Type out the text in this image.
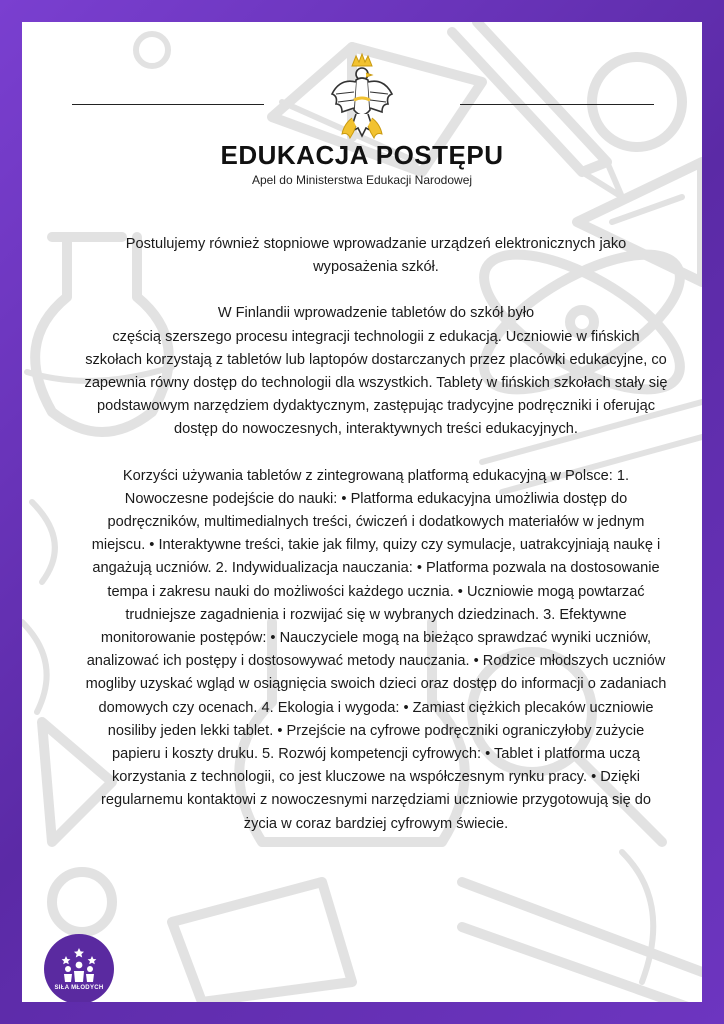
EDUKACJA POSTĘPU
Apel do Ministerstwa Edukacji Narodowej

Postulujemy również stopniowe wprowadzanie urządzeń elektronicznych jako wyposażenia szkół.

W Finlandii wprowadzenie tabletów do szkół było

częścią szerszego procesu integracji technologii z edukacją. Uczniowie w fińskich szkołach korzystają z tabletów lub laptopów dostarczanych przez placówki edukacyjne, co zapewnia równy dostęp do technologii dla wszystkich. Tablety w fińskich szkołach stały się podstawowym narzędziem dydaktycznym, zastępując tradycyjne podręczniki i oferując dostęp do nowoczesnych, interaktywnych treści edukacyjnych.

Korzyści używania tabletów z zintegrowaną platformą edukacyjną w Polsce: 1. Nowoczesne podejście do nauki: • Platforma edukacyjna umożliwia dostęp do podręczników, multimedialnych treści, ćwiczeń i dodatkowych materiałów w jednym miejscu. • Interaktywne treści, takie jak filmy, quizy czy symulacje, uatrakcyjniają naukę i angażują uczniów. 2. Indywidualizacja nauczania: • Platforma pozwala na dostosowanie tempa i zakresu nauki do możliwości każdego ucznia. • Uczniowie mogą powtarzać trudniejsze zagadnienia i rozwijać się w wybranych dziedzinach. 3. Efektywne monitorowanie postępów: • Nauczyciele mogą na bieżąco sprawdzać wyniki uczniów, analizować ich postępy i dostosowywać metody nauczania. • Rodzice młodszych uczniów mogliby uzyskać wgląd w osiągnięcia swoich dzieci oraz dostęp do informacji o zadaniach domowych czy ocenach. 4. Ekologia i wygoda: • Zamiast ciężkich plecaków uczniowie nosiliby jeden lekki tablet. • Przejście na cyfrowe podręczniki ograniczyłoby zużycie papieru i koszty druku. 5. Rozwój kompetencji cyfrowych: • Tablet i platforma uczą korzystania z technologii, co jest kluczowe na współczesnym rynku pracy. • Dzięki regularnemu kontaktowi z nowoczesnymi narzędziami uczniowie przygotowują się do życia w coraz bardziej cyfrowym świecie.

SIŁA MŁODYCH
